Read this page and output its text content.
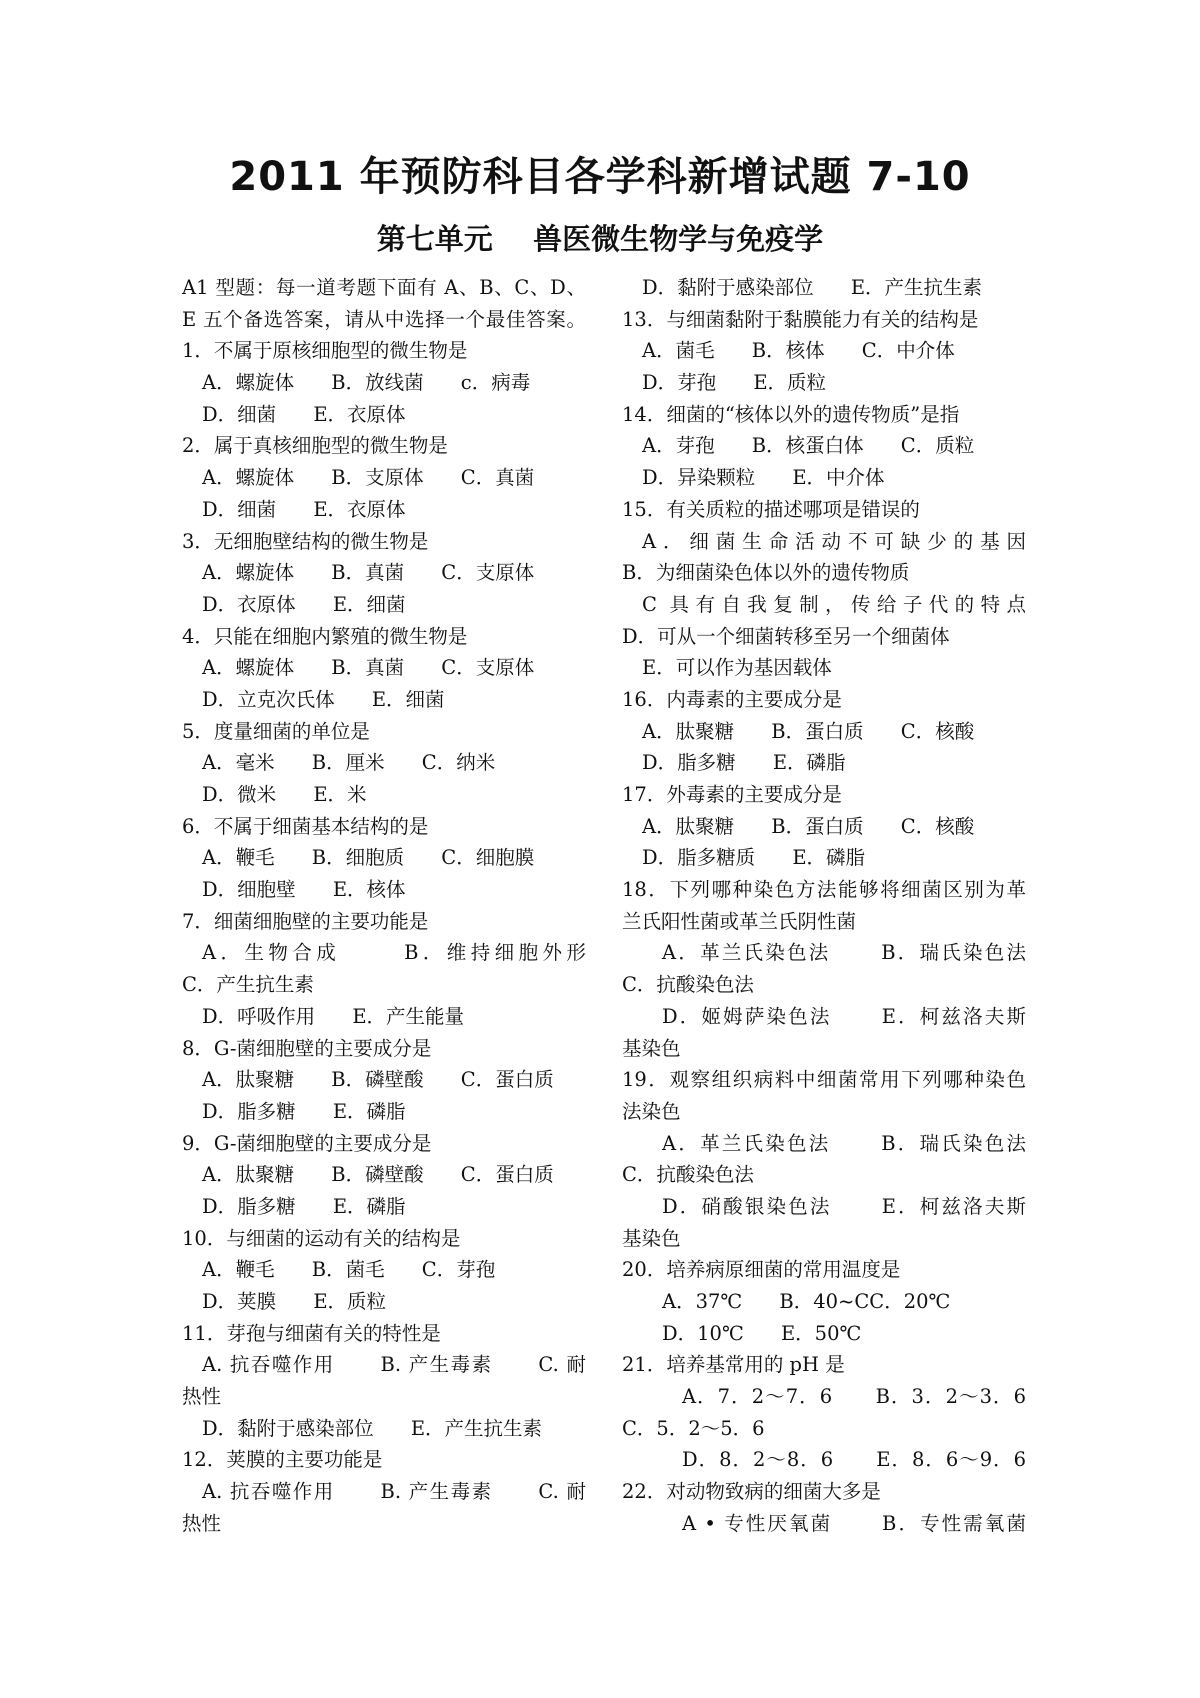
2011 年预防科目各学科新增试题 7-10
第七单元    兽医微生物学与免疫学
A1 型题：每一道考题下面有 A、B、C、D、
E 五个备选答案，请从中选择一个最佳答案。
1．不属于原核细胞型的微生物是
A．螺旋体      B．放线菌      c．病毒
D．细菌      E．衣原体
2．属于真核细胞型的微生物是
A．螺旋体      B．支原体      C．真菌
D．细菌      E．衣原体
3．无细胞壁结构的微生物是
A．螺旋体      B．真菌      C．支原体
D．衣原体      E．细菌
4．只能在细胞内繁殖的微生物是
A．螺旋体      B．真菌      C．支原体
D．立克次氏体      E．细菌
5．度量细菌的单位是
A．毫米      B．厘米      C．纳米
D．微米      E．米
6．不属于细菌基本结构的是
A．鞭毛      B．细胞质      C．细胞膜
D．细胞壁      E．核体
7．细菌细胞壁的主要功能是
A．生物合成      B．维持细胞外形
C．产生抗生素
D．呼吸作用      E．产生能量
8．G-菌细胞壁的主要成分是
A．肽聚糖      B．磷壁酸      C．蛋白质
D．脂多糖      E．磷脂
9．G-菌细胞壁的主要成分是
A．肽聚糖      B．磷壁酸      C．蛋白质
D．脂多糖      E．磷脂
10．与细菌的运动有关的结构是
A．鞭毛      B．菌毛      C．芽孢
D．荚膜      E．质粒
11．芽孢与细菌有关的特性是
A. 抗吞噬作用      B. 产生毒素      C. 耐
热性
D．黏附于感染部位      E．产生抗生素
12．荚膜的主要功能是
A. 抗吞噬作用      B. 产生毒素      C. 耐
热性
D．黏附于感染部位      E．产生抗生素
13．与细菌黏附于黏膜能力有关的结构是
A．菌毛      B．核体      C．中介体
D．芽孢      E．质粒
14．细菌的“核体以外的遗传物质”是指
A．芽孢      B．核蛋白体      C．质粒
D．异染颗粒      E．中介体
15．有关质粒的描述哪项是错误的
A．细菌生命活动不可缺少的基因
B．为细菌染色体以外的遗传物质
C 具有自我复制，传给子代的特点
D．可从一个细菌转移至另一个细菌体
E．可以作为基因载体
16．内毒素的主要成分是
A．肽聚糖      B．蛋白质      C．核酸
D．脂多糖      E．磷脂
17．外毒素的主要成分是
A．肽聚糖      B．蛋白质      C．核酸
D．脂多糖质      E．磷脂
18．下列哪种染色方法能够将细菌区别为革
兰氏阳性菌或革兰氏阴性菌
A．革兰氏染色法      B．瑞氏染色法
C．抗酸染色法
D．姬姆萨染色法      E．柯兹洛夫斯
基染色
19．观察组织病料中细菌常用下列哪种染色
法染色
A．革兰氏染色法      B．瑞氏染色法
C．抗酸染色法
D．硝酸银染色法      E．柯兹洛夫斯
基染色
20．培养病原细菌的常用温度是
A．37℃      B．40~CC．20℃
D．10℃      E．50℃
21．培养基常用的 pH 是
A．7．2～7．6      B．3．2～3．6
C．5．2～5．6
D．8．2～8．6      E．8．6～9．6
22．对动物致病的细菌大多是
A • 专性厌氧菌      B．专性需氧菌
